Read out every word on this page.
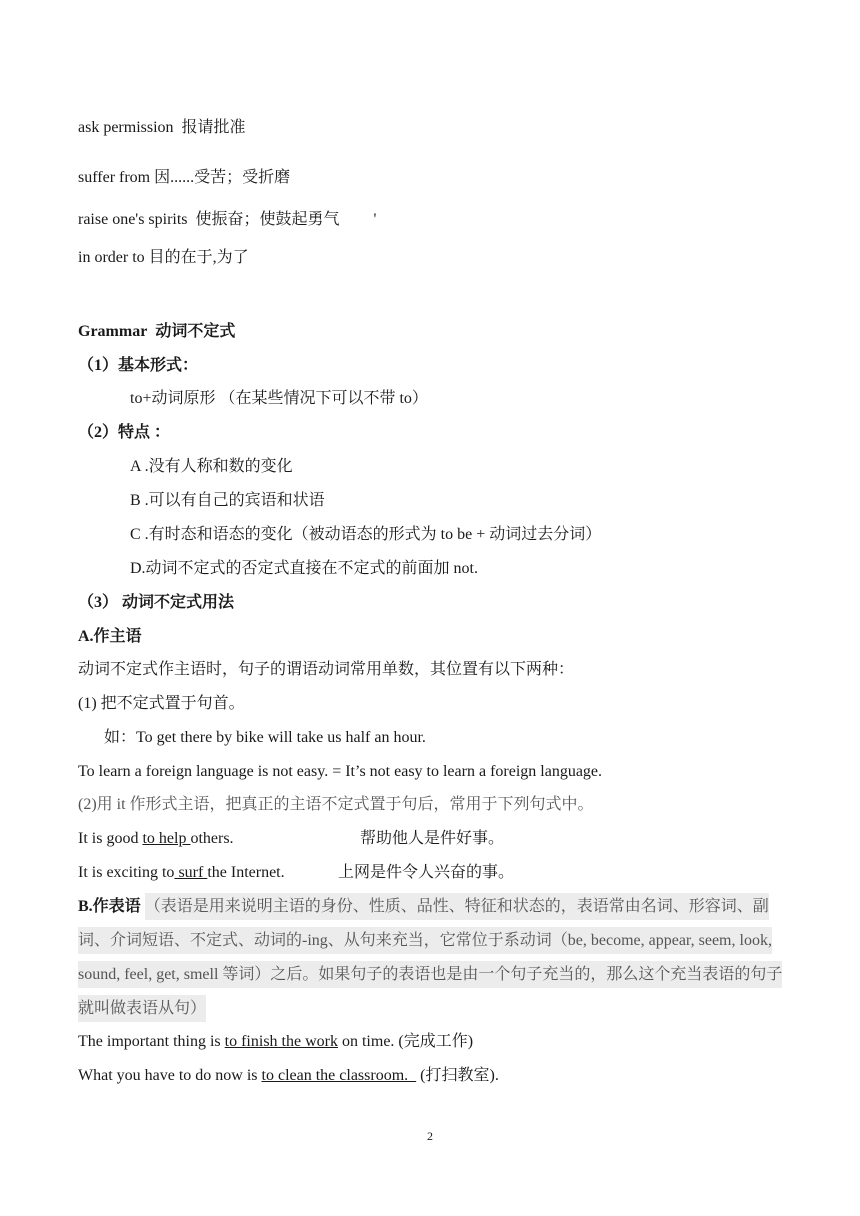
ask permission 报请批准
suffer from 因......受苦；受折磨
raise one's spirits 使振奋；使鼓起勇气 '
in order to 目的在于,为了
Grammar 动词不定式
（1）基本形式：
to+动词原形 （在某些情况下可以不带 to）
（2）特点 ：
A .没有人称和数的变化
B .可以有自己的宾语和状语
C .有时态和语态的变化（被动语态的形式为 to be + 动词过去分词）
D.动词不定式的否定式直接在不定式的前面加 not.
（3） 动词不定式用法
A.作主语
动词不定式作主语时，句子的谓语动词常用单数，其位置有以下两种：
(1) 把不定式置于句首。
如：To get there by bike will take us half an hour.
To learn a foreign language is not easy. = It’s not easy to learn a foreign language.
(2)用 it 作形式主语，把真正的主语不定式置于句后，常用于下列句式中。
It is good to help others.	帮助他人是件好事。
It is exciting to surf the Internet.	上网是件令人兴奋的事。
B.作表语 （表语是用来说明主语的身份、性质、品性、特征和状态的，表语常由名词、形容词、副词、介词短语、不定式、动词的-ing、从句来充当，它常位于系动词（be, become, appear, seem, look, sound, feel, get, smell 等词）之后。如果句子的表语也是由一个句子充当的，那么这个充当表语的句子就叫做表语从句）
The important thing is to finish the work on time. (完成工作)
What you have to do now is to clean the classroom.   (打扫教室).
2
